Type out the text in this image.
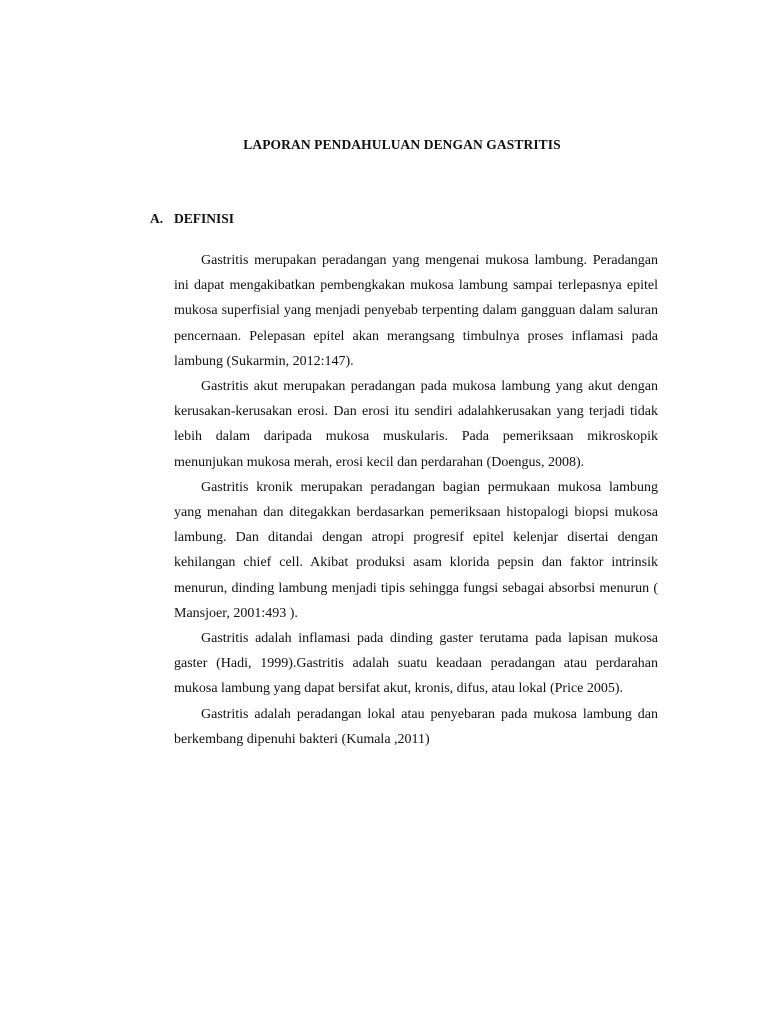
LAPORAN PENDAHULUAN DENGAN GASTRITIS
A. DEFINISI

Gastritis merupakan peradangan yang mengenai mukosa lambung. Peradangan ini dapat mengakibatkan pembengkakan mukosa lambung sampai terlepasnya epitel mukosa superfisial yang menjadi penyebab terpenting dalam gangguan dalam saluran pencernaan. Pelepasan epitel akan merangsang timbulnya proses inflamasi pada lambung (Sukarmin, 2012:147).

Gastritis akut merupakan peradangan pada mukosa lambung yang akut dengan kerusakan-kerusakan erosi. Dan erosi itu sendiri adalahkerusakan yang terjadi tidak lebih dalam daripada mukosa muskularis. Pada pemeriksaan mikroskopik menunjukan mukosa merah, erosi kecil dan perdarahan (Doengus, 2008).

Gastritis kronik merupakan peradangan bagian permukaan mukosa lambung yang menahan dan ditegakkan berdasarkan pemeriksaan histopalogi biopsi mukosa lambung. Dan ditandai dengan atropi progresif epitel kelenjar disertai dengan kehilangan chief cell. Akibat produksi asam klorida pepsin dan faktor intrinsik menurun, dinding lambung menjadi tipis sehingga fungsi sebagai absorbsi menurun ( Mansjoer, 2001:493 ).

Gastritis adalah inflamasi pada dinding gaster terutama pada lapisan mukosa gaster (Hadi, 1999).Gastritis adalah suatu keadaan peradangan atau perdarahan mukosa lambung yang dapat bersifat akut, kronis, difus, atau lokal (Price 2005).

Gastritis adalah peradangan lokal atau penyebaran pada mukosa lambung dan berkembang dipenuhi bakteri (Kumala ,2011)
